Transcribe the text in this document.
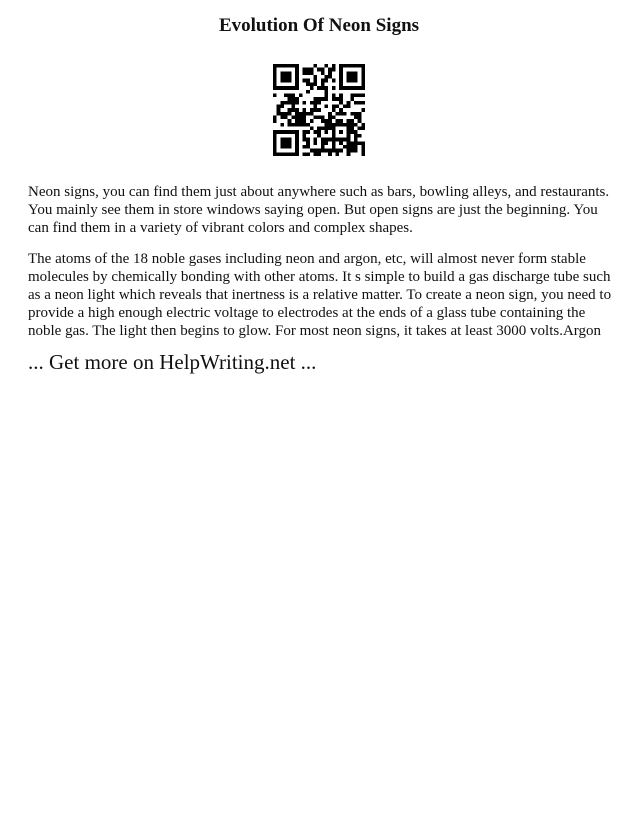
Evolution Of Neon Signs

Neon signs, you can find them just about anywhere such as bars, bowling alleys, and restaurants. You mainly see them in store windows saying open. But open signs are just the beginning. You can find them in a variety of vibrant colors and complex shapes.

The atoms of the 18 noble gases including neon and argon, etc, will almost never form stable molecules by chemically bonding with other atoms. It s simple to build a gas discharge tube such as a neon light which reveals that inertness is a relative matter. To create a neon sign, you need to provide a high enough electric voltage to electrodes at the ends of a glass tube containing the noble gas. The light then begins to glow. For most neon signs, it takes at least 3000 volts.Argon

... Get more on HelpWriting.net ...
